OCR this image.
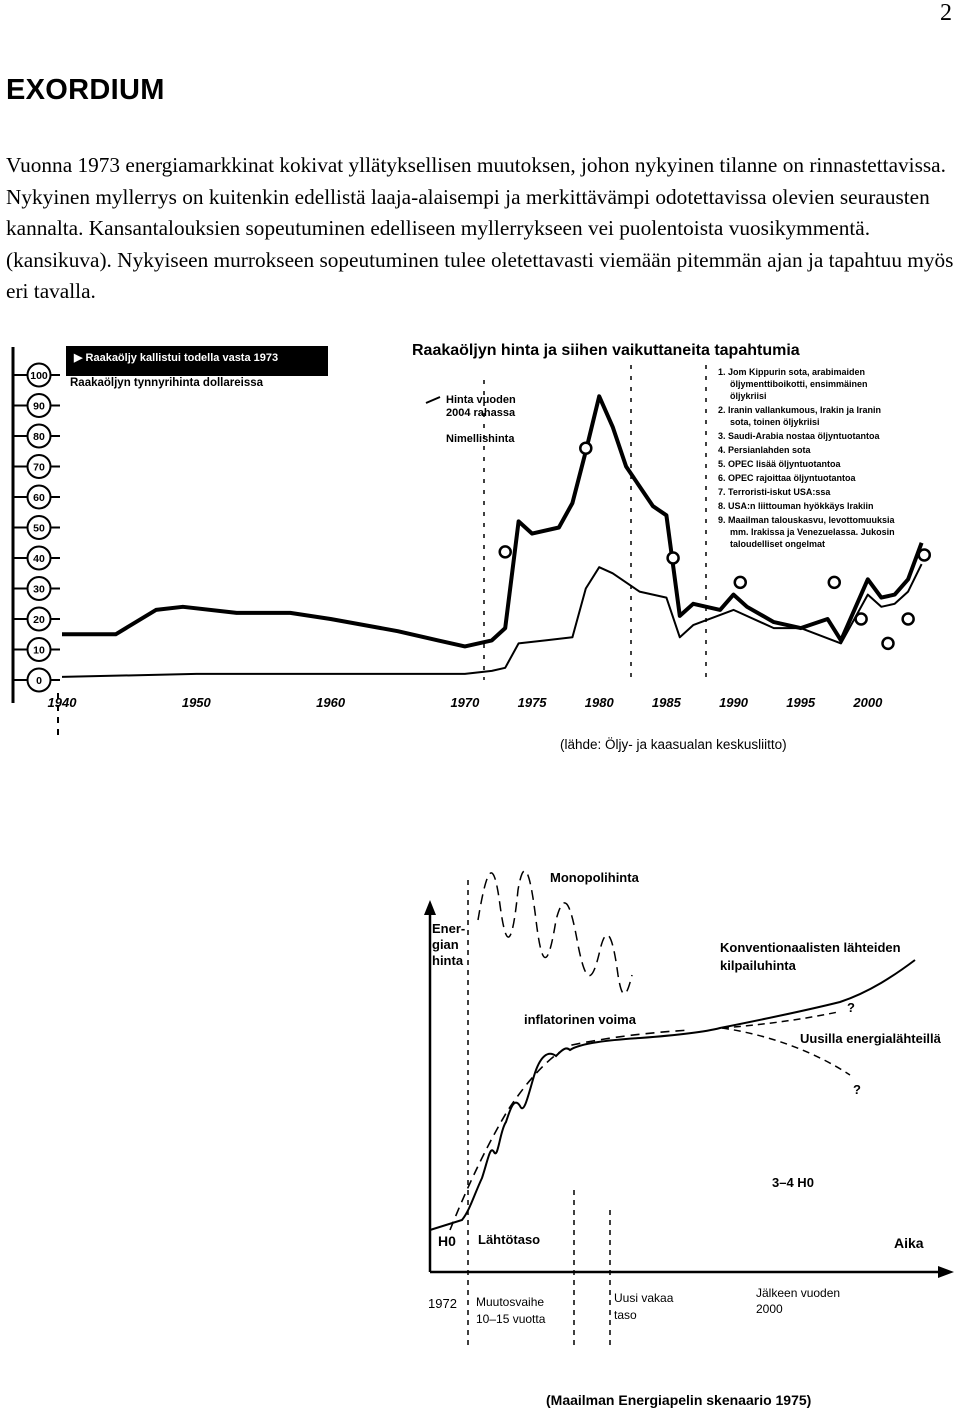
2
EXORDIUM

Vuonna 1973 energiamarkkinat kokivat yllätyksellisen muutoksen, johon nykyinen tilanne on rinnastettavissa. Nykyinen myllerrys on kuitenkin edellistä laaja-alaisempi ja merkittävämpi odotettavissa olevien seurausten kannalta. Kansantalouksien sopeutuminen edelliseen myllerrykseen vei puolentoista vuosikymmentä. (kansikuva). Nykyiseen murrokseen sopeutuminen tulee oletettavasti viemään pitemmän ajan ja tapahtuu myös eri tavalla.

▶ Raakaöljy kallistui todella vasta 1973
Raakaöljyn tynnyrihinta dollareissa
Raakaöljyn hinta ja siihen vaikuttaneita tapahtumia
0
10
20
30
40
50
60
70
80
90
100
1940	1950	1960	1970	1975	1980	1985	1990	1995	2000
Hinta vuoden 2004 rahassa
Nimellishinta
1. Jom Kippurin sota, arabimaiden öljymenttiboikotti, ensimmäinen öljykriisi
2. Iranin vallankumous, Irakin ja Iranin sota, toinen öljykriisi
3. Saudi-Arabia nostaa öljyntuotantoa
4. Persianlahden sota
5. OPEC lisää öljyntuotantoa
6. OPEC rajoittaa öljyntuotantoa
7. Terroristi-iskut USA:ssa
8. USA:n liittouman hyökkäys Irakiin
9. Maailman talouskasvu, levottomuuksia mm. Irakissa ja Venezuelassa. Jukosin taloudelliset ongelmat
(lähde: Öljy- ja kaasualan keskusliitto)
Ener-
gian
hinta
Aika
Monopolihinta
inflatorinen voima
?
?
Konventionaalisten lähteiden
kilpailuhinta
Uusilla energialähteillä
H0 Lähtötaso
3–4 H0
1972 Muutosvaihe
10–15 vuotta
Uusi vakaa
taso
Jälkeen vuoden
2000
(Maailman Energiapelin skenaario 1975)
